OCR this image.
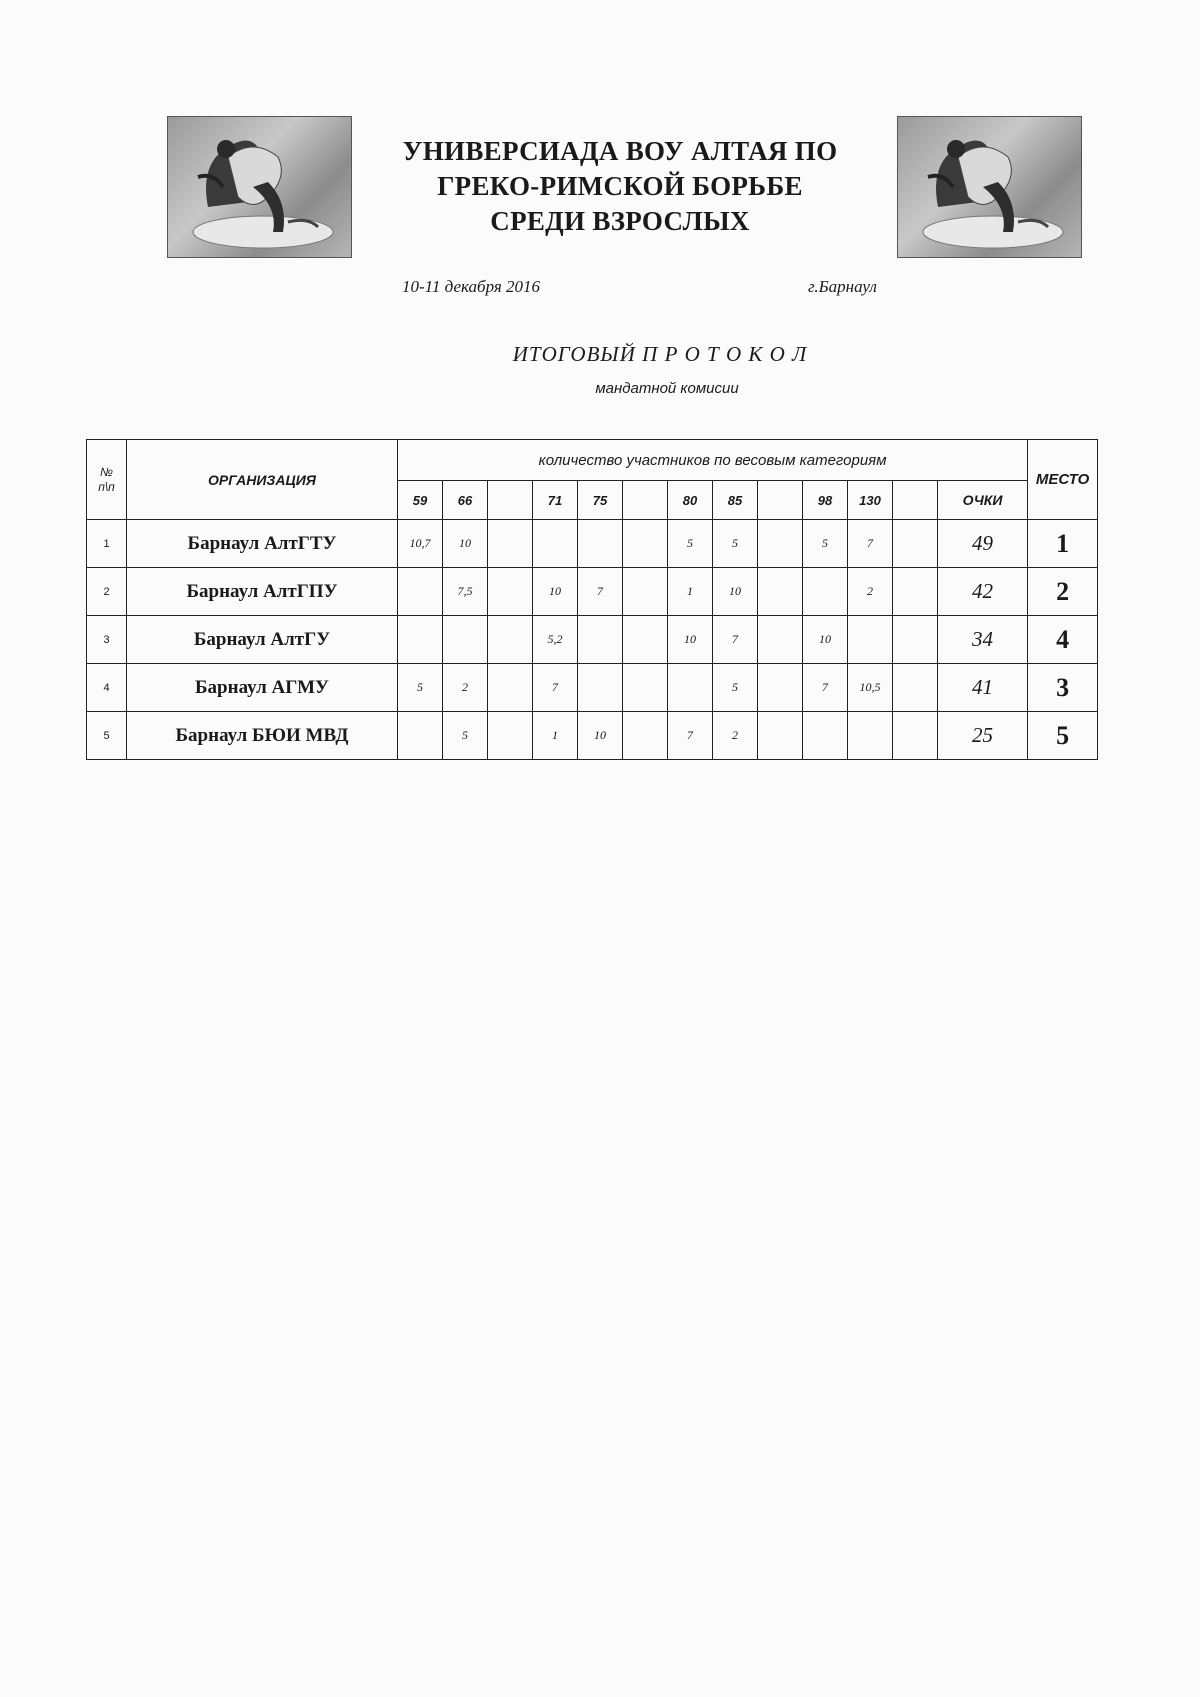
УНИВЕРСИАДА ВОУ АЛТАЯ ПО
ГРЕКО-РИМСКОЙ БОРЬБЕ
СРЕДИ ВЗРОСЛЫХ
10-11 декабря 2016	г.Барнаул
ИТОГОВЫЙ П Р О Т О К О Л
мандатной комисии
№
п\п	ОРГАНИЗАЦИЯ	количество участников по весовым категориям													МЕСТО
		59	66		71	75		80	85		98	130		ОЧКИ	
1	Барнаул АлтГТУ	10,7	10					5	5		5	7		49	1
2	Барнаул АлтГПУ		7,5		10	7		1	10			2		42	2
3	Барнаул АлтГУ				5,2			10	7		10			34	4
4	Барнаул АГМУ	5	2		7				5		7	10,5		41	3
5	Барнаул БЮИ МВД		5		1	10		7	2					25	5
